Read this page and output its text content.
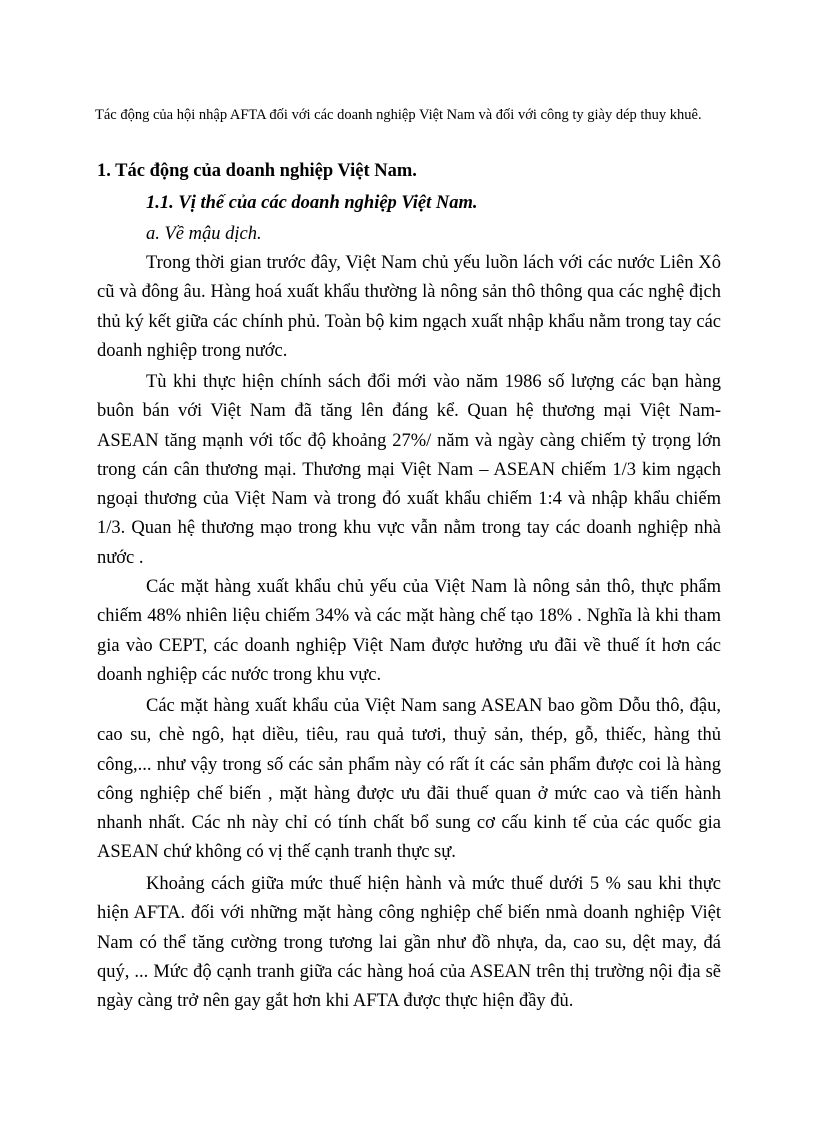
Tác động của hội nhập AFTA đối với các doanh nghiệp Việt Nam và đối với công ty giày dép thuy khuê.
1. Tác động của doanh nghiệp Việt Nam.
1.1. Vị thế của các doanh nghiệp Việt Nam.
a. Về mậu dịch.

Trong thời gian trước đây, Việt Nam chủ yếu luồn lách với các nước Liên Xô cũ và đông âu. Hàng hoá xuất khẩu thường là nông sản thô thông qua các nghệ địch thủ ký kết giữa các chính phủ. Toàn bộ kim ngạch xuất nhập khẩu nằm trong tay các doanh nghiệp trong nước.

Tù khi thực hiện chính sách đổi mới vào năm 1986 số lượng các bạn hàng buôn bán với Việt Nam đã tăng lên đáng kể. Quan hệ thương mại Việt Nam-ASEAN tăng mạnh với tốc độ khoảng 27%/ năm và ngày càng chiếm tỷ trọng lớn trong cán cân thương mại. Thương mại Việt Nam – ASEAN chiếm 1/3 kim ngạch ngoại thương của Việt Nam và trong đó xuất khẩu chiếm 1:4 và nhập khẩu chiếm 1/3. Quan hệ thương mạo trong khu vực vẫn nằm trong tay các doanh nghiệp nhà nước .

Các mặt hàng xuất khẩu chủ yếu của Việt Nam là nông sản thô, thực phẩm chiếm 48% nhiên liệu chiếm 34% và các mặt hàng chế tạo 18% . Nghĩa là khi tham gia vào CEPT, các doanh nghiệp Việt Nam được hưởng ưu đãi về thuế ít hơn các doanh nghiệp các nước trong khu vực.

Các mặt hàng xuất khẩu của Việt Nam sang ASEAN bao gồm Dỗu thô, đậu, cao su, chè ngô, hạt diều, tiêu, rau quả tươi, thuỷ sản, thép, gỗ, thiếc, hàng thủ công,... như vậy trong số các sản phẩm này có rất ít các sản phẩm được coi là hàng công nghiệp chế biến , mặt hàng được ưu đãi thuế quan ở mức cao và tiến hành nhanh nhất. Các nh này chỉ có tính chất bổ sung cơ cấu kinh tế của các quốc gia ASEAN chứ không có vị thế cạnh tranh thực sự.

Khoảng cách giữa mức thuế hiện hành và mức thuế dưới 5 % sau khi thực hiện AFTA. đối với những mặt hàng công nghiệp chế biến nmà doanh nghiệp Việt Nam có thể tăng cường trong tương lai gần như đồ nhựa, da, cao su, dệt may, đá quý, ... Mức độ cạnh tranh giữa các hàng hoá của ASEAN trên thị trường nội địa sẽ ngày càng trở nên gay gắt hơn khi AFTA được thực hiện đầy đủ.
